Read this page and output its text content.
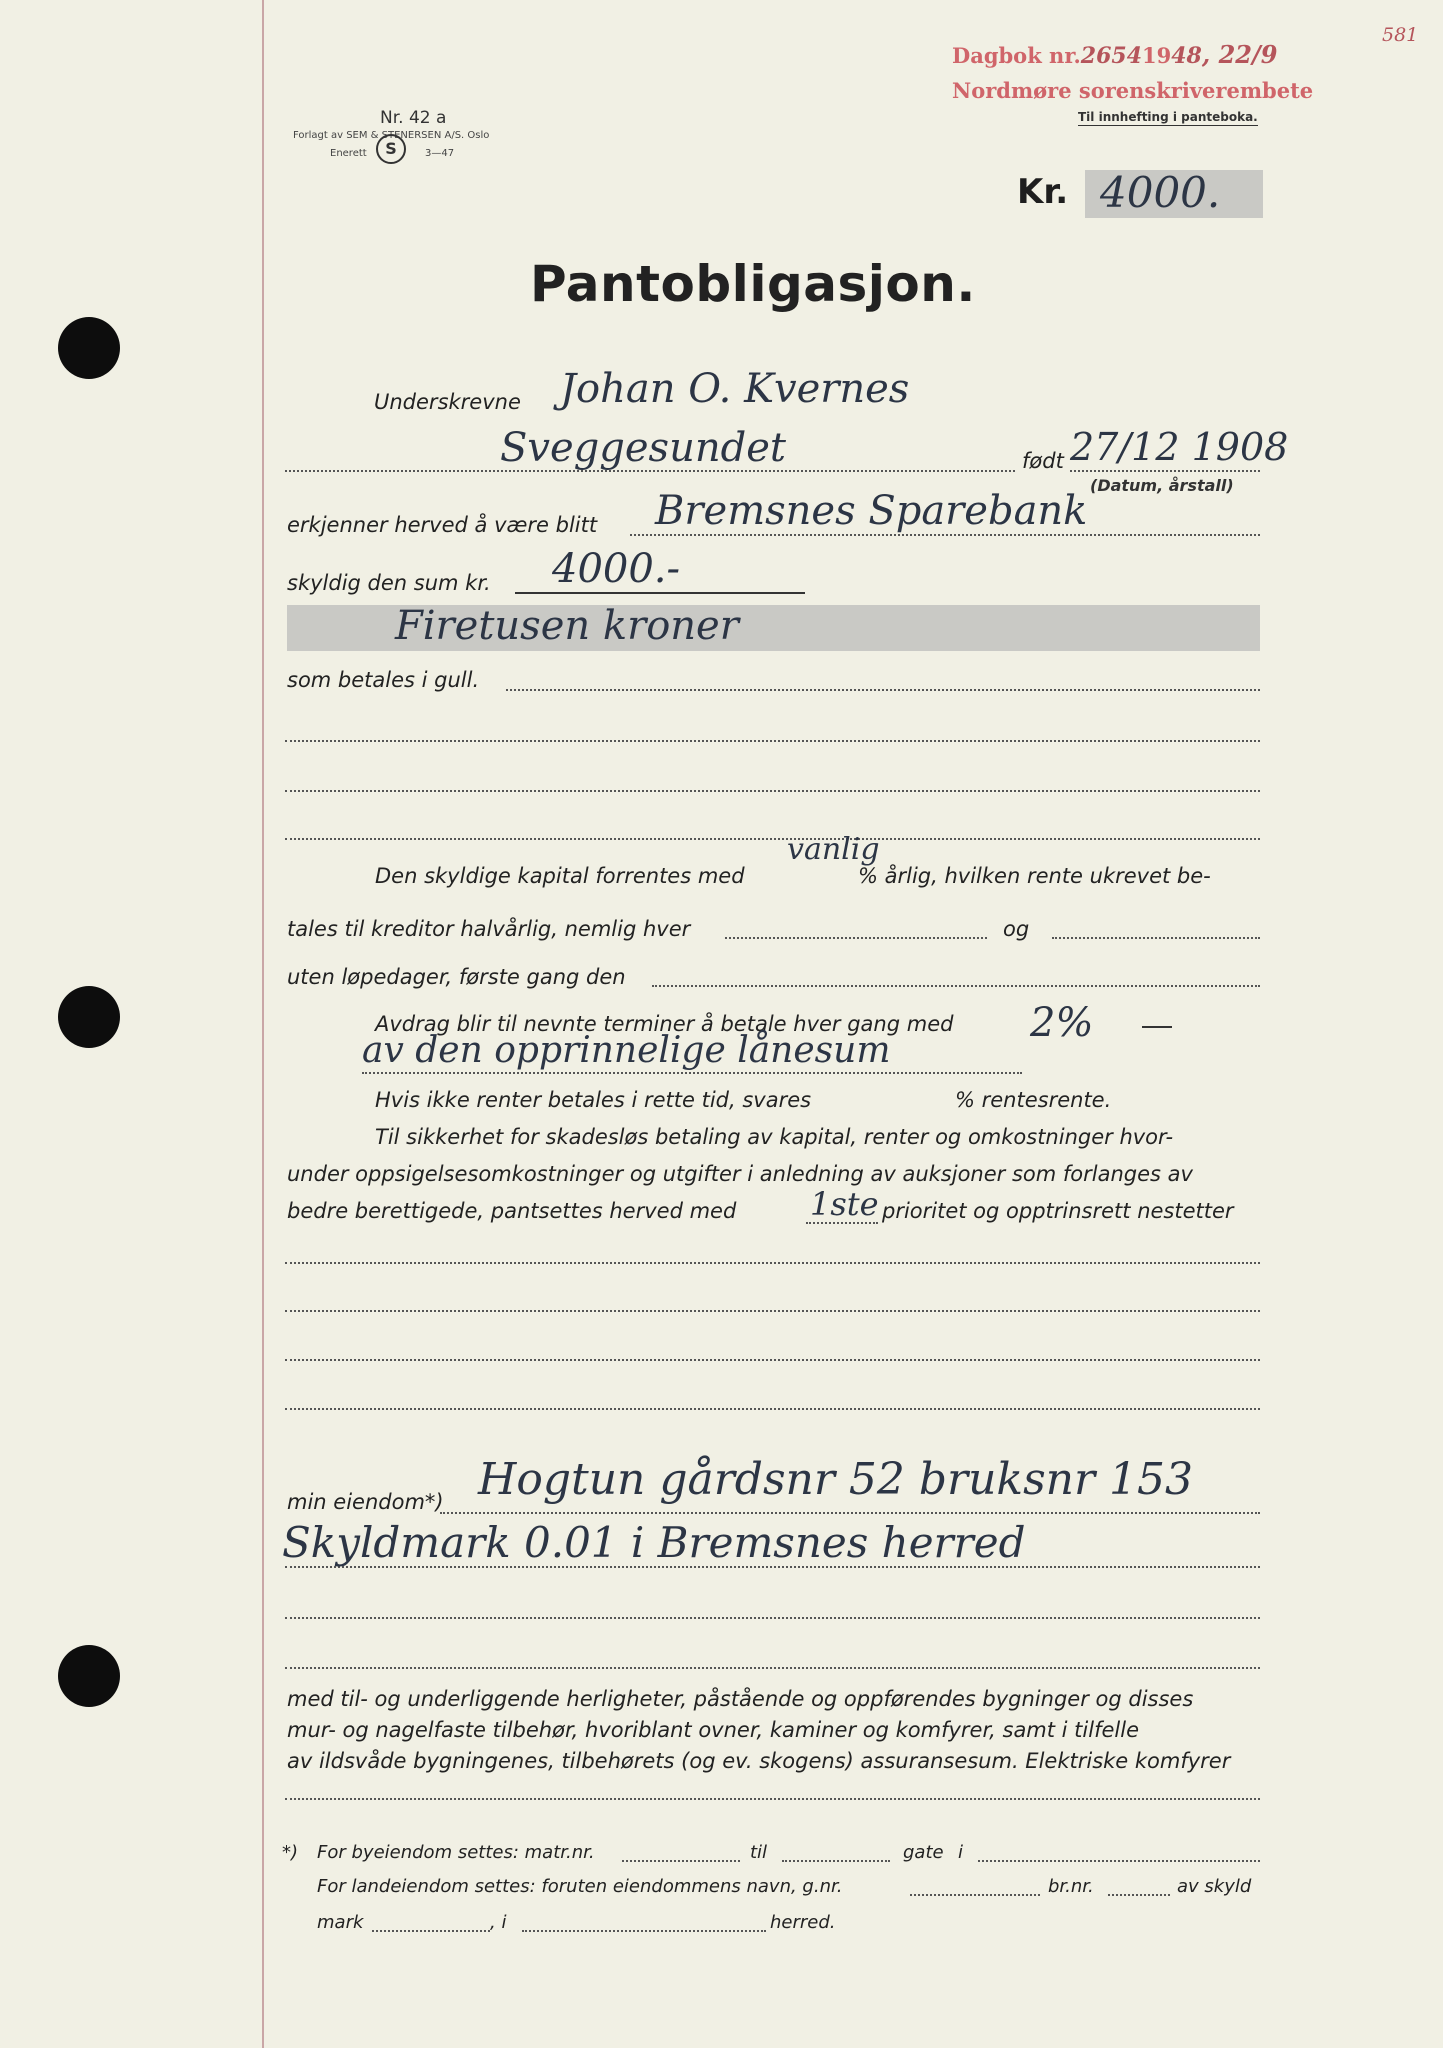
Dagbok nr.26541948, 22/9
581
Nordmøre sorenskriverembete
Til innhefting i panteboka.
Nr. 42 a
Forlagt av SEM & STENERSEN A/S. Oslo
Enerett	S	3—47
Kr. 4000.
Pantobligasjon.
Underskrevne Johan O. Kvernes
Sveggesundet	født 27/12 1908
(Datum, årstall)
erkjenner herved å være blitt Bremsnes Sparebank
skyldig den sum kr. 4000.-
Firetusen kroner
som betales i gull.
Den skyldige kapital forrentes med
vanlig
% årlig, hvilken rente ukrevet be-
tales til kreditor halvårlig, nemlig hver	og
uten løpedager, første gang den
Avdrag blir til nevnte terminer å betale hver gang med 2%
av den opprinnelige lånesum
Hvis ikke renter betales i rette tid, svares	% rentesrente.
Til sikkerhet for skadesløs betaling av kapital, renter og omkostninger hvor-
under oppsigelsesomkostninger og utgifter i anledning av auksjoner som forlanges av
bedre berettigede, pantsettes herved med 1ste prioritet og opptrinsrett nestetter
min eiendom*) Hogtun gårdsnr 52 bruksnr 153
Skyldmark 0.01 i Bremsnes herred
med til- og underliggende herligheter, påstående og oppførendes bygninger og disses
mur- og nagelfaste tilbehør, hvoriblant ovner, kaminer og komfyrer, samt i tilfelle
av ildsvåde bygningenes, tilbehørets (og ev. skogens) assuransesum. Elektriske komfyrer
*) For byeiendom settes: matr.nr.	til	gate i
For landeiendom settes: foruten eiendommens navn, g.nr.	br.nr.	av skyld
mark	, i	herred.
